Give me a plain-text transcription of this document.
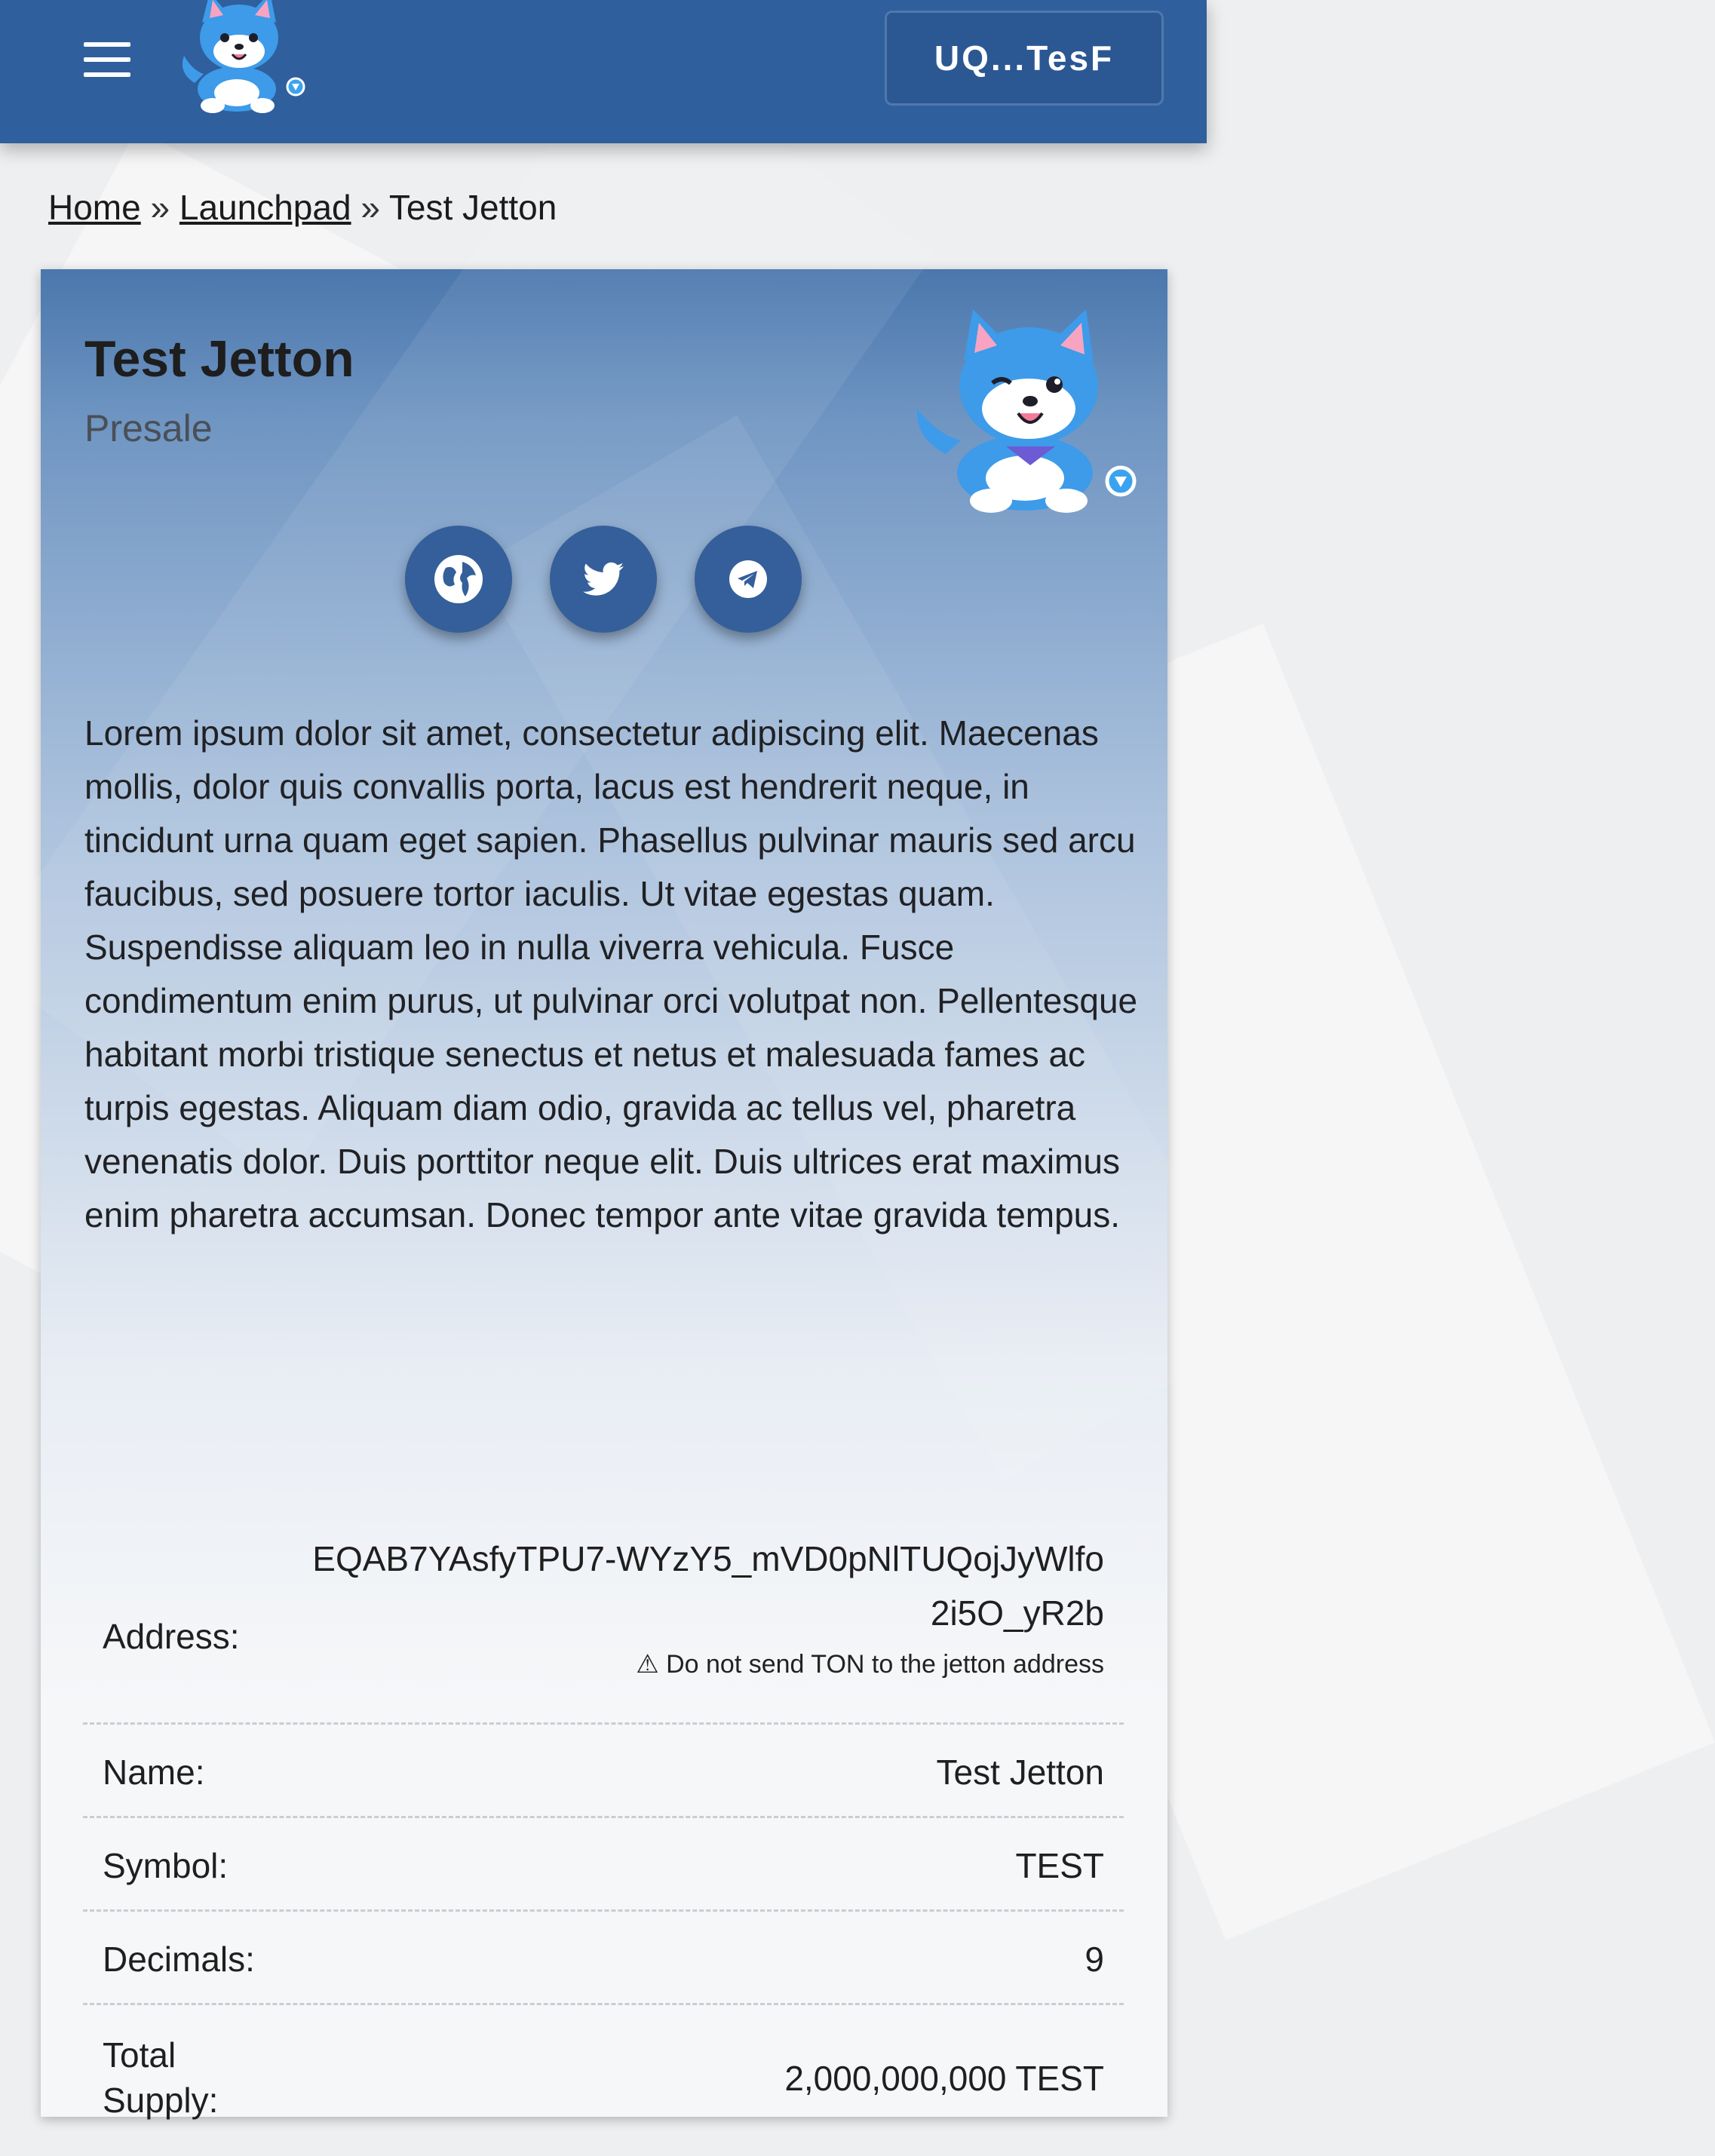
UQ...TesF
Home » Launchpad » Test Jetton
Test Jetton
Presale

Lorem ipsum dolor sit amet, consectetur adipiscing elit. Maecenas mollis, dolor quis convallis porta, lacus est hendrerit neque, in tincidunt urna quam eget sapien. Phasellus pulvinar mauris sed arcu faucibus, sed posuere tortor iaculis. Ut vitae egestas quam. Suspendisse aliquam leo in nulla viverra vehicula. Fusce condimentum enim purus, ut pulvinar orci volutpat non. Pellentesque habitant morbi tristique senectus et netus et malesuada fames ac turpis egestas. Aliquam diam odio, gravida ac tellus vel, pharetra venenatis dolor. Duis porttitor neque elit. Duis ultrices erat maximus enim pharetra accumsan. Donec tempor ante vitae gravida tempus.

Address:
EQAB7YAsfyTPU7-WYzY5_mVD0pNlTUQojJyWlfo2i5O_yR2b
⚠ Do not send TON to the jetton address
Name:	Test Jetton
Symbol:	TEST
Decimals:	9
Total Supply:
2,000,000,000 TEST
